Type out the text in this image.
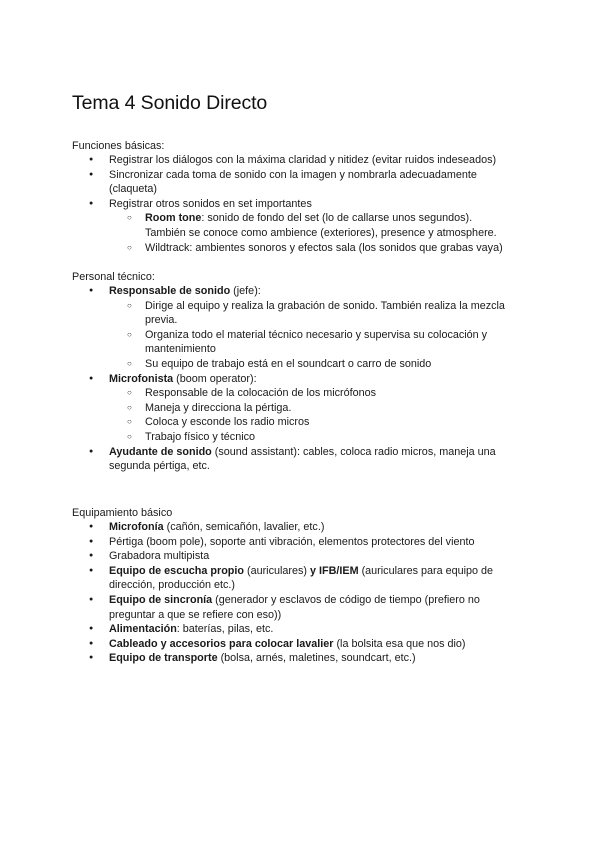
Tema 4 Sonido Directo

Funciones básicas:

● Registrar los diálogos con la máxima claridad y nitidez (evitar ruidos indeseados)
● Sincronizar cada toma de sonido con la imagen y nombrarla adecuadamente (claqueta)
● Registrar otros sonidos en set importantes
○ Room tone: sonido de fondo del set (lo de callarse unos segundos). También se conoce como ambience (exteriores), presence y atmosphere.
○ Wildtrack: ambientes sonoros y efectos sala (los sonidos que grabas vaya)

Personal técnico:

● Responsable de sonido (jefe):
○ Dirige al equipo y realiza la grabación de sonido. También realiza la mezcla previa.
○ Organiza todo el material técnico necesario y supervisa su colocación y mantenimiento
○ Su equipo de trabajo está en el soundcart o carro de sonido
● Microfonista (boom operator):
○ Responsable de la colocación de los micrófonos
○ Maneja y direcciona la pértiga.
○ Coloca y esconde los radio micros
○ Trabajo físico y técnico
● Ayudante de sonido (sound assistant): cables, coloca radio micros, maneja una segunda pértiga, etc.

Equipamiento básico

● Microfonía (cañón, semicañón, lavalier, etc.)
● Pértiga (boom pole), soporte anti vibración, elementos protectores del viento
● Grabadora multipista
● Equipo de escucha propio (auriculares) y IFB/IEM (auriculares para equipo de dirección, producción etc.)
● Equipo de sincronía (generador y esclavos de código de tiempo (prefiero no preguntar a que se refiere con eso))
● Alimentación: baterías, pilas, etc.
● Cableado y accesorios para colocar lavalier (la bolsita esa que nos dio)
● Equipo de transporte (bolsa, arnés, maletines, soundcart, etc.)
